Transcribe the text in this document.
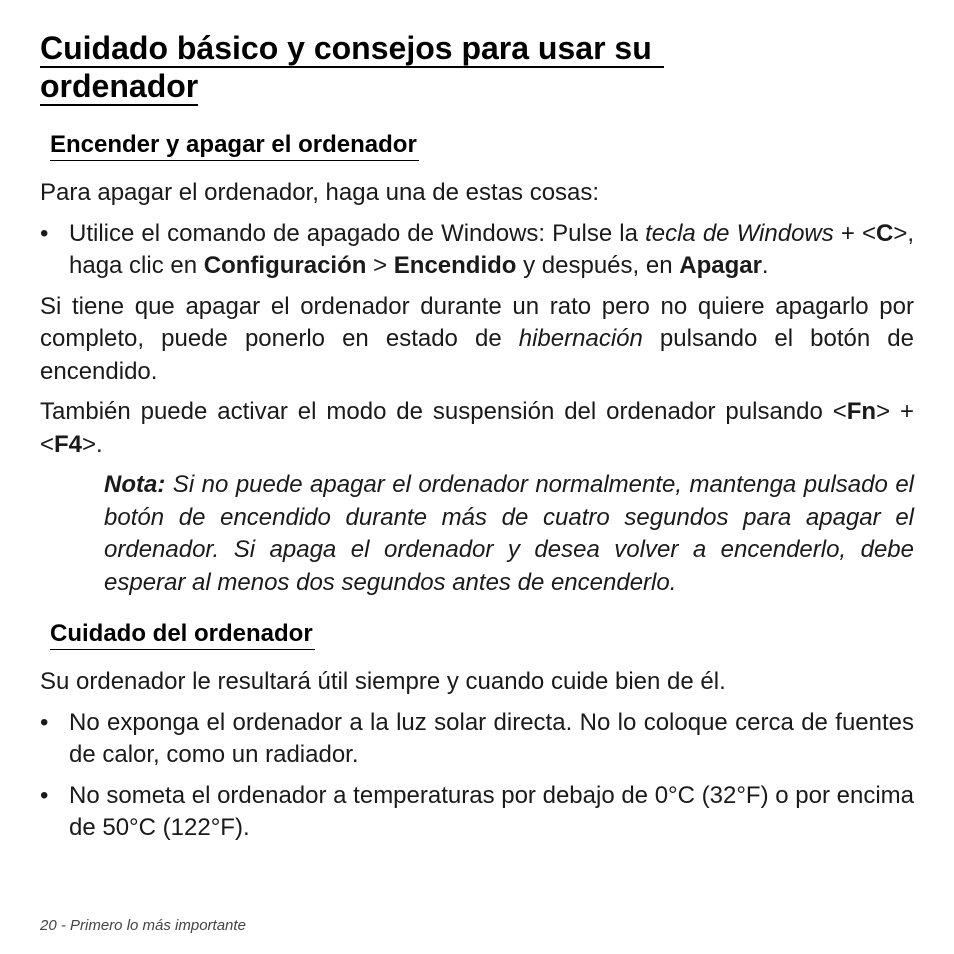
Cuidado básico y consejos para usar su
ordenador
Encender y apagar el ordenador

Para apagar el ordenador, haga una de estas cosas:

• Utilice el comando de apagado de Windows: Pulse la tecla de Windows + <C>, haga clic en Configuración > Encendido y después, en Apagar.

Si tiene que apagar el ordenador durante un rato pero no quiere apagarlo por completo, puede ponerlo en estado de hibernación pulsando el botón de encendido.

También puede activar el modo de suspensión del ordenador pulsando <Fn> + <F4>.

Nota: Si no puede apagar el ordenador normalmente, mantenga pulsado el botón de encendido durante más de cuatro segundos para apagar el ordenador. Si apaga el ordenador y desea volver a encenderlo, debe esperar al menos dos segundos antes de encenderlo.

Cuidado del ordenador

Su ordenador le resultará útil siempre y cuando cuide bien de él.

• No exponga el ordenador a la luz solar directa. No lo coloque cerca de fuentes de calor, como un radiador.
• No someta el ordenador a temperaturas por debajo de 0°C (32°F) o por encima de 50°C (122°F).
20 - Primero lo más importante
